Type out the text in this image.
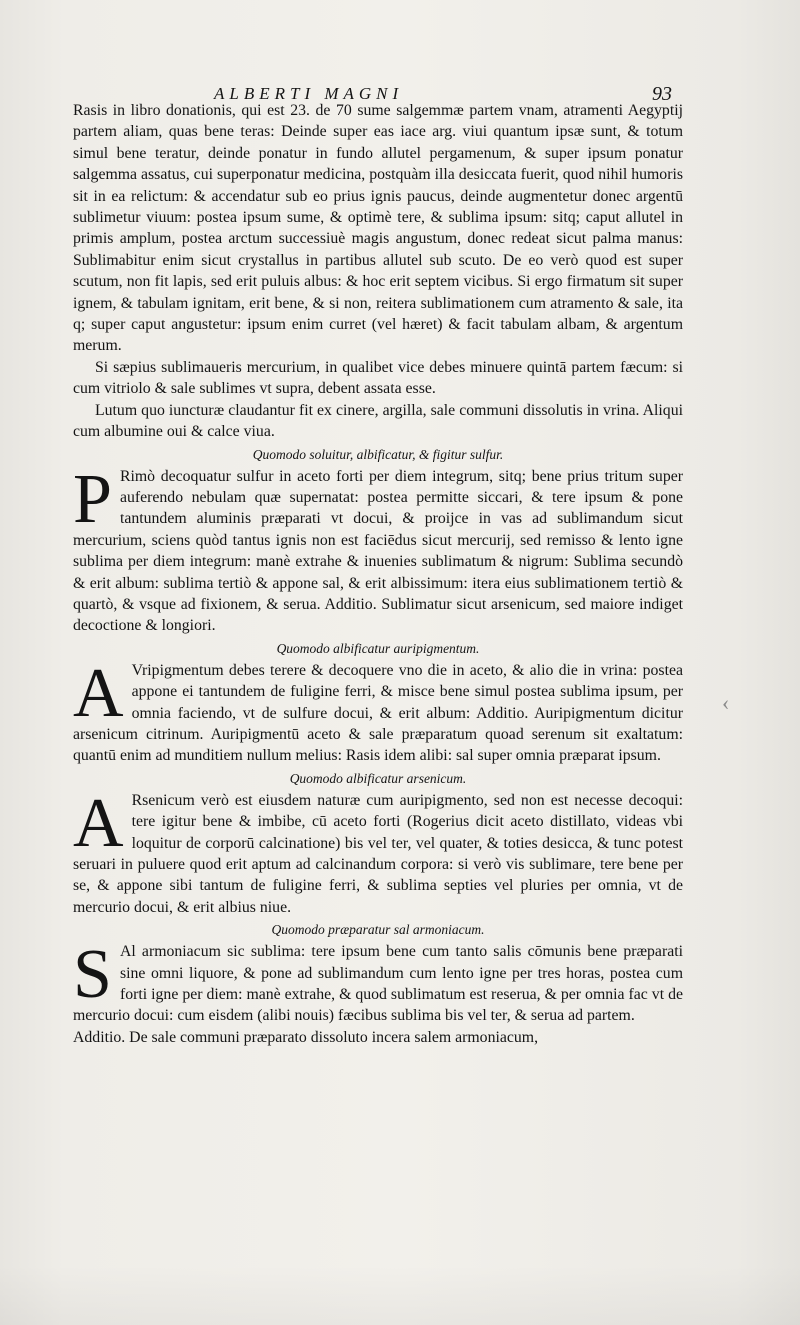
ALBERTI MAGNI	93

Rasis in libro donationis, qui est 23. de 70 sume salgemmæ partem vnam, atramenti Aegyptij partem aliam, quas bene teras: Deinde super eas iace arg. viui quantum ipsæ sunt, & totum simul bene teratur, deinde ponatur in fundo allutel pergamenum, & super ipsum ponatur salgemma assatus, cui superponatur medicina, postquàm illa desiccata fuerit, quod nihil humoris sit in ea relictum: & accendatur sub eo prius ignis paucus, deinde augmentetur donec argentū sublimetur viuum: postea ipsum sume, & optimè tere, & sublima ipsum: sitq; caput allutel in primis amplum, postea arctum successiuè magis angustum, donec redeat sicut palma manus: Sublimabitur enim sicut crystallus in partibus allutel sub scuto. De eo verò quod est super scutum, non fit lapis, sed erit puluis albus: & hoc erit septem vicibus. Si ergo firmatum sit super ignem, & tabulam ignitam, erit bene, & si non, reitera sublimationem cum atramento & sale, ita q; super caput angustetur: ipsum enim curret (vel hæret) & facit tabulam albam, & argentum merum.

Si sæpius sublimaueris mercurium, in qualibet vice debes minuere quintā partem fæcum: si cum vitriolo & sale sublimes vt supra, debent assata esse.

Lutum quo iuncturæ claudantur fit ex cinere, argilla, sale communi dissolutis in vrina. Aliqui cum albumine oui & calce viua.

Quomodo soluitur, albificatur, & figitur sulfur.

P Rimò decoquatur sulfur in aceto forti per diem integrum, sitq; bene prius tritum super auferendo nebulam quæ supernatat: postea permitte siccari, & tere ipsum & pone tantundem aluminis præparati vt docui, & proijce in vas ad sublimandum sicut mercurium, sciens quòd tantus ignis non est faciēdus sicut mercurij, sed remisso & lento igne sublima per diem integrum: manè extrahe & inuenies sublimatum & nigrum: Sublima secundò & erit album: sublima tertiò & appone sal, & erit albissimum: itera eius sublimationem tertiò & quartò, & vsque ad fixionem, & serua. Additio. Sublimatur sicut arsenicum, sed maiore indiget decoctione & longiori.

Quomodo albificatur auripigmentum.

A Vripigmentum debes terere & decoquere vno die in aceto, & alio die in vrina: postea appone ei tantundem de fuligine ferri, & misce bene simul postea sublima ipsum, per omnia faciendo, vt de sulfure docui, & erit album: Additio. Auripigmentum dicitur arsenicum citrinum. Auripigmentū aceto & sale præparatum quoad serenum sit exaltatum: quantū enim ad munditiem nullum melius: Rasis idem alibi: sal super omnia præparat ipsum.

Quomodo albificatur arsenicum.

A Rsenicum verò est eiusdem naturæ cum auripigmento, sed non est necesse decoqui: tere igitur bene & imbibe, cū aceto forti (Rogerius dicit aceto distillato, videas vbi loquitur de corporū calcinatione) bis vel ter, vel quater, & toties desicca, & tunc potest seruari in puluere quod erit aptum ad calcinandum corpora: si verò vis sublimare, tere bene per se, & appone sibi tantum de fuligine ferri, & sublima septies vel pluries per omnia, vt de mercurio docui, & erit albius niue.

Quomodo præparatur sal armoniacum.

S Al armoniacum sic sublima: tere ipsum bene cum tanto salis cōmunis bene præparati sine omni liquore, & pone ad sublimandum cum lento igne per tres horas, postea cum forti igne per diem: manè extrahe, & quod sublimatum est reserua, & per omnia fac vt de mercurio docui: cum eisdem (alibi nouis) fæcibus sublima bis vel ter, & serua ad partem.

Additio. De sale communi præparato dissoluto incera salem armoniacum,

‹
